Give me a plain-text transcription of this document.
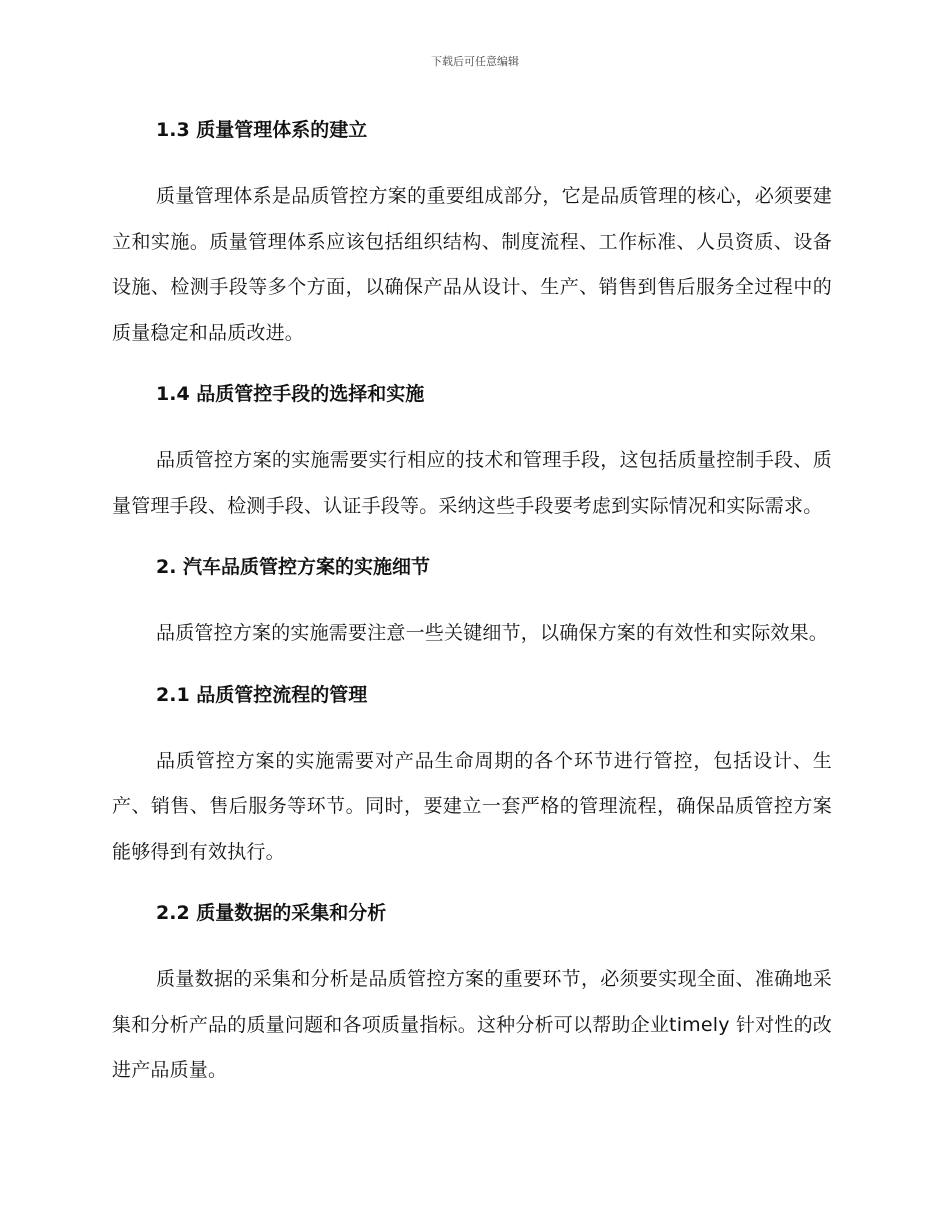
下载后可任意编辑
1.3 质量管理体系的建立

质量管理体系是品质管控方案的重要组成部分，它是品质管理的核心，必须要建立和实施。质量管理体系应该包括组织结构、制度流程、工作标准、人员资质、设备设施、检测手段等多个方面，以确保产品从设计、生产、销售到售后服务全过程中的质量稳定和品质改进。

1.4 品质管控手段的选择和实施

品质管控方案的实施需要实行相应的技术和管理手段，这包括质量控制手段、质量管理手段、检测手段、认证手段等。采纳这些手段要考虑到实际情况和实际需求。

2. 汽车品质管控方案的实施细节

品质管控方案的实施需要注意一些关键细节，以确保方案的有效性和实际效果。

2.1 品质管控流程的管理

品质管控方案的实施需要对产品生命周期的各个环节进行管控，包括设计、生产、销售、售后服务等环节。同时，要建立一套严格的管理流程，确保品质管控方案能够得到有效执行。

2.2 质量数据的采集和分析

质量数据的采集和分析是品质管控方案的重要环节，必须要实现全面、准确地采集和分析产品的质量问题和各项质量指标。这种分析可以帮助企业timely 针对性的改进产品质量。
